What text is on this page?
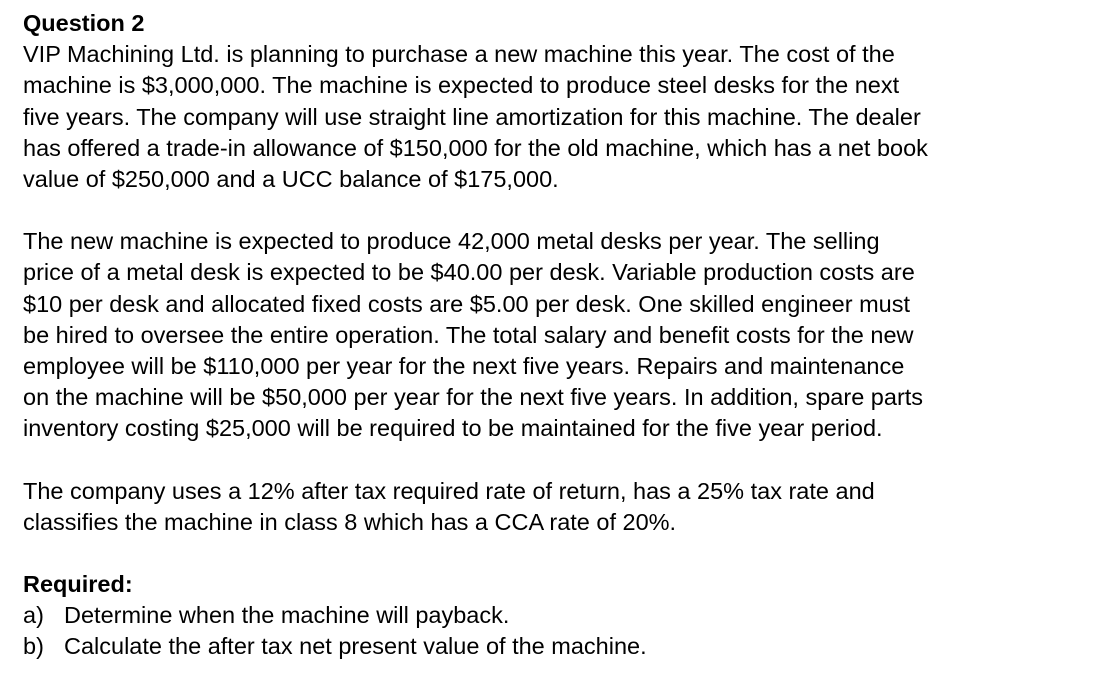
Question 2

VIP Machining Ltd. is planning to purchase a new machine this year. The cost of the

machine is $3,000,000. The machine is expected to produce steel desks for the next

five years. The company will use straight line amortization for this machine. The dealer

has offered a trade-in allowance of $150,000 for the old machine, which has a net book

value of $250,000 and a UCC balance of $175,000.

The new machine is expected to produce 42,000 metal desks per year. The selling

price of a metal desk is expected to be $40.00 per desk. Variable production costs are

$10 per desk and allocated fixed costs are $5.00 per desk. One skilled engineer must

be hired to oversee the entire operation. The total salary and benefit costs for the new

employee will be $110,000 per year for the next five years. Repairs and maintenance

on the machine will be $50,000 per year for the next five years. In addition, spare parts

inventory costing $25,000 will be required to be maintained for the five year period.

The company uses a 12% after tax required rate of return, has a 25% tax rate and

classifies the machine in class 8 which has a CCA rate of 20%.

Required:

a) Determine when the machine will payback.
b) Calculate the after tax net present value of the machine.
